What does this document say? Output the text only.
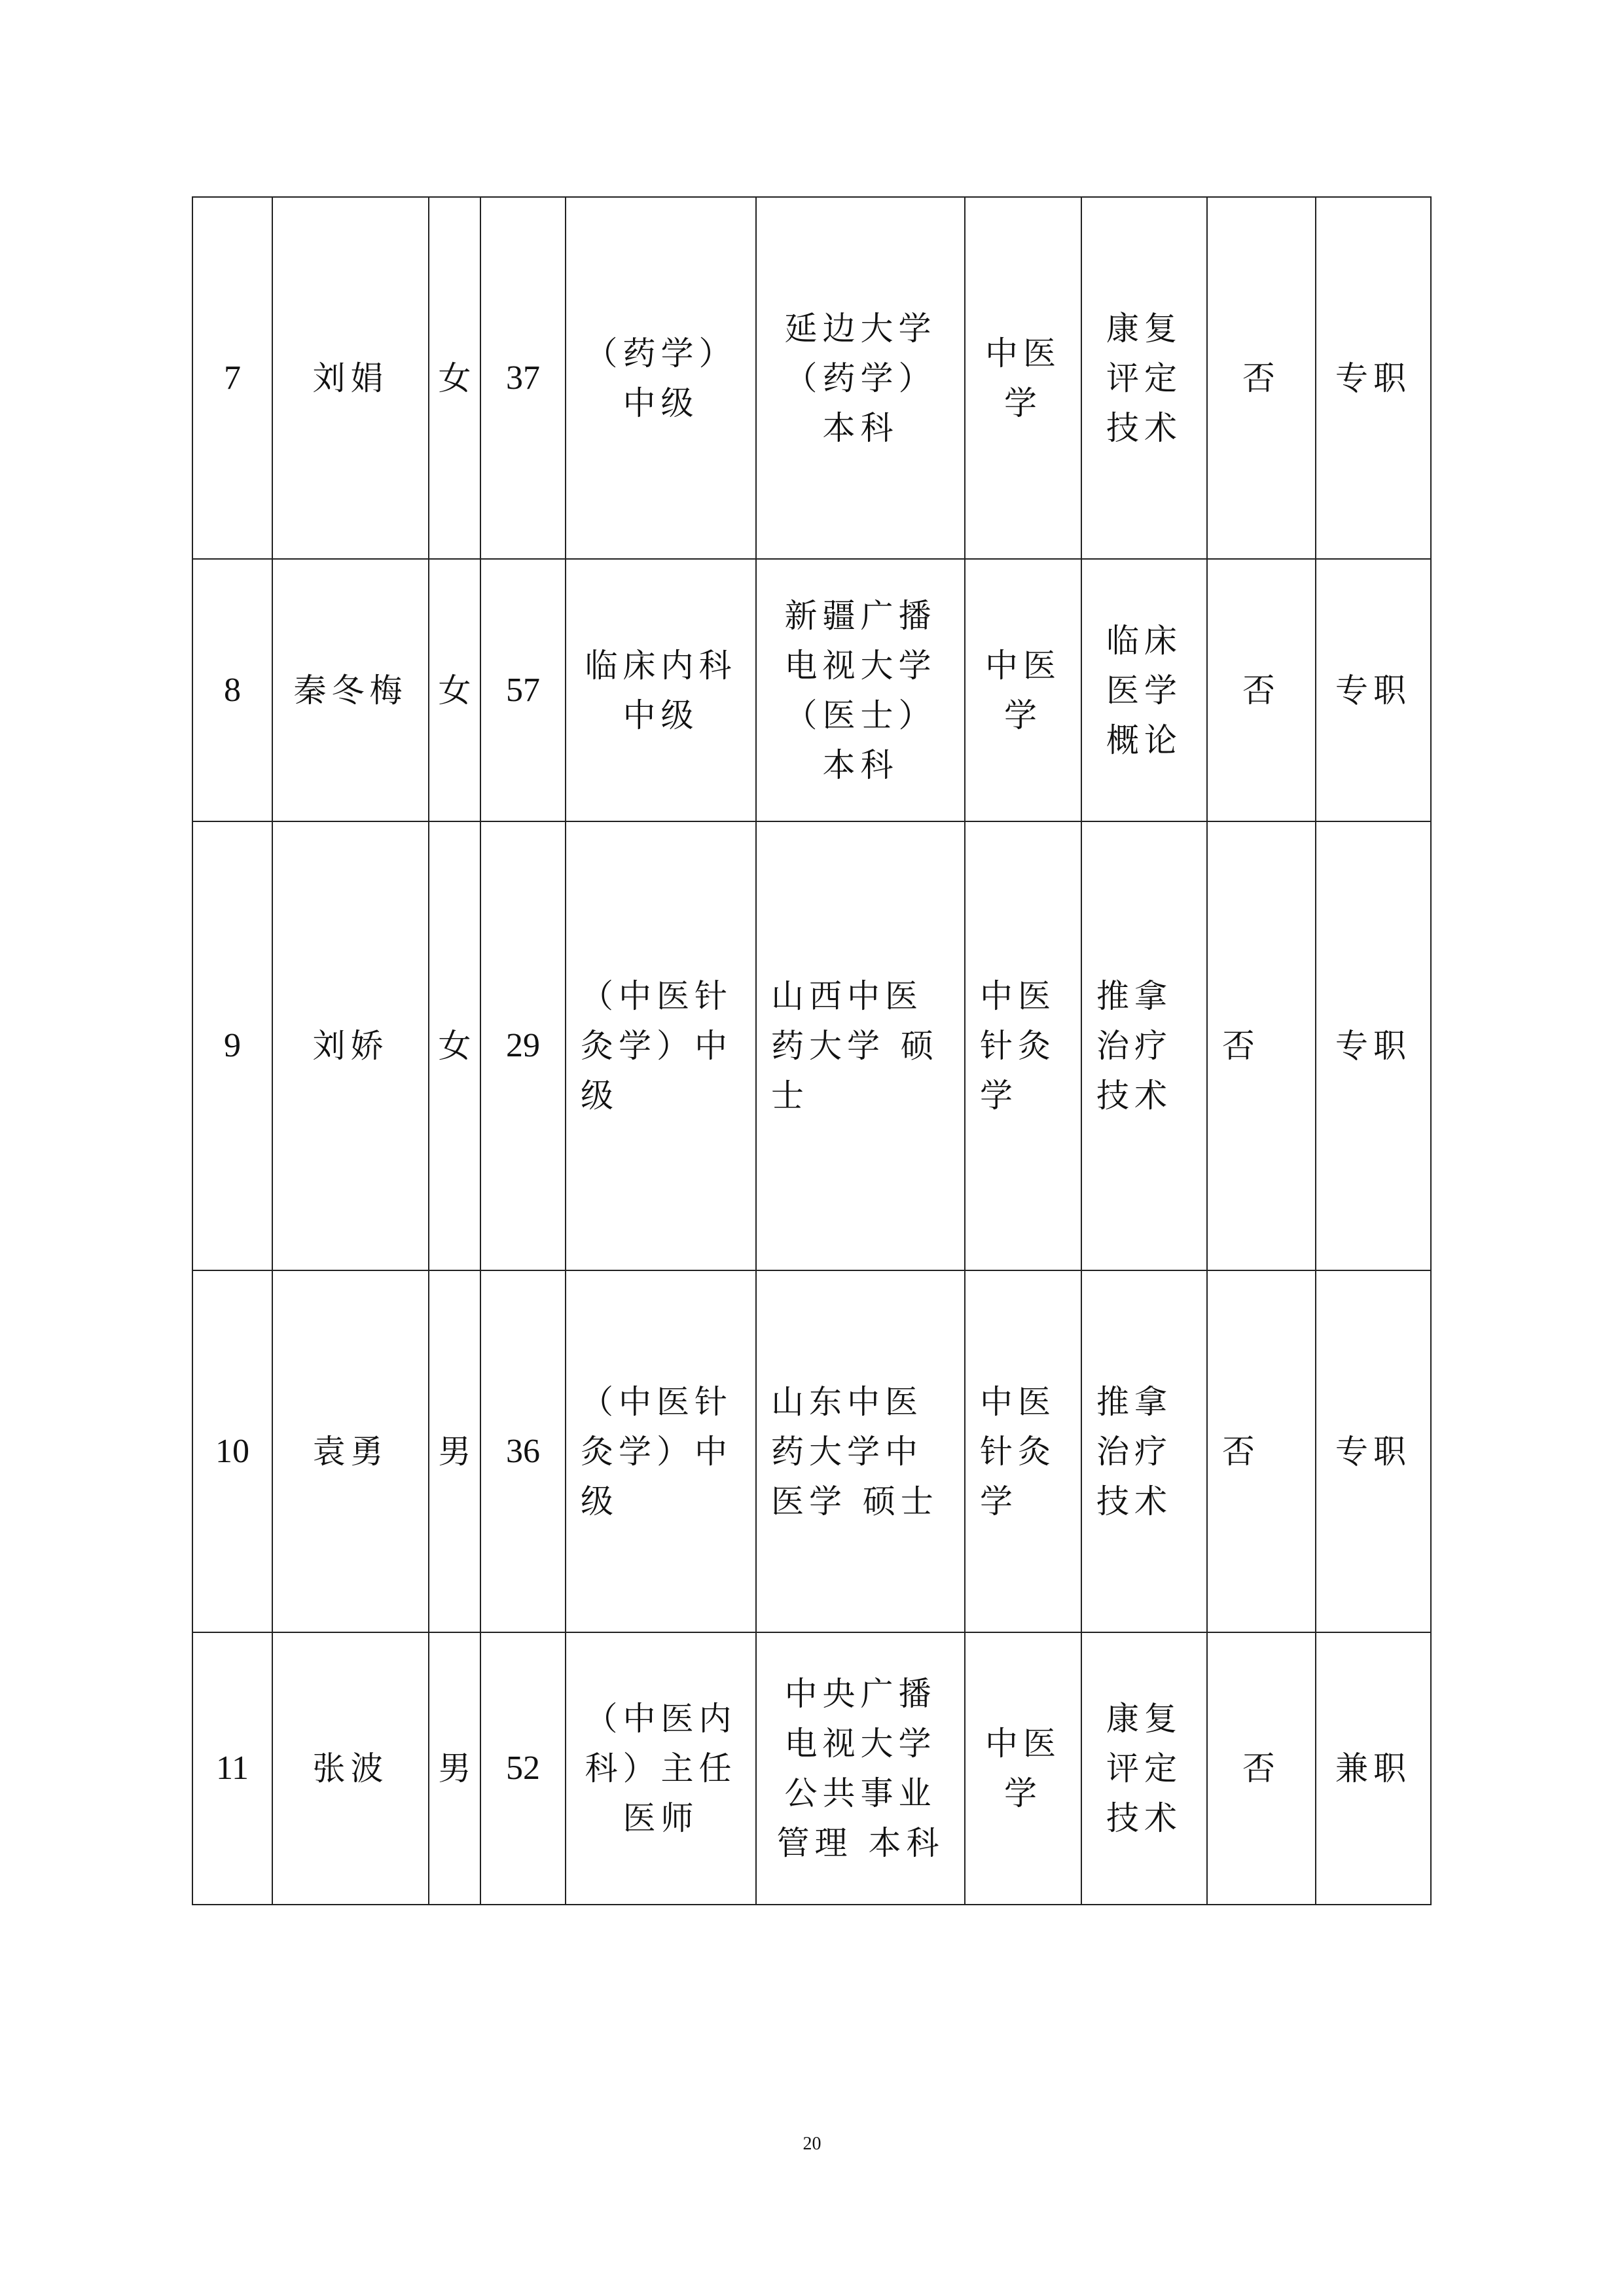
7	刘娟	女	37	（药学）
中级	延边大学
（药学）
本科	中医
学	康复
评定
技术	否	专职
8	秦冬梅	女	57	临床内科
中级	新疆广播
电视大学
（医士）
本科	中医
学	临床
医学
概论	否	专职
9	刘娇	女	29	（中医针
灸学）中
级	山西中医
药大学 硕
士	中医
针灸
学	推拿
治疗
技术	否	专职
10	袁勇	男	36	（中医针
灸学）中
级	山东中医
药大学中
医学 硕士	中医
针灸
学	推拿
治疗
技术	否	专职
11	张波	男	52	（中医内
科）主任
医师	中央广播
电视大学
公共事业
管理 本科	中医
学	康复
评定
技术	否	兼职
20
